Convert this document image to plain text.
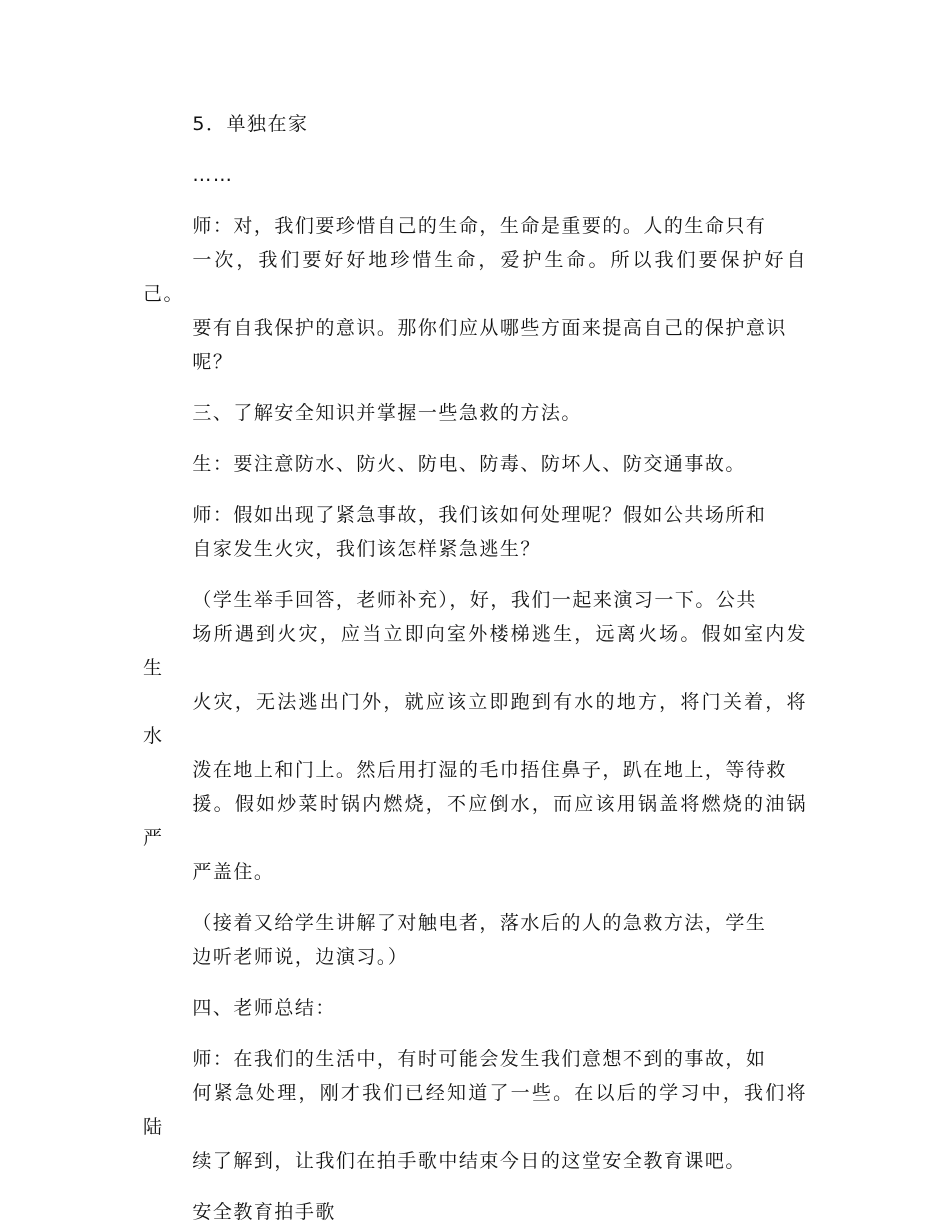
5．单独在家

……

师：对，我们要珍惜自己的生命，生命是重要的。人的生命只有
一次，我们要好好地珍惜生命，爱护生命。所以我们要保护好自己。
要有自我保护的意识。那你们应从哪些方面来提高自己的保护意识
呢？

三、了解安全知识并掌握一些急救的方法。

生：要注意防水、防火、防电、防毒、防坏人、防交通事故。

师：假如出现了紧急事故，我们该如何处理呢？假如公共场所和
自家发生火灾，我们该怎样紧急逃生？

（学生举手回答，老师补充），好，我们一起来演习一下。公共
场所遇到火灾，应当立即向室外楼梯逃生，远离火场。假如室内发生
火灾，无法逃出门外，就应该立即跑到有水的地方，将门关着，将水
泼在地上和门上。然后用打湿的毛巾捂住鼻子，趴在地上，等待救
援。假如炒菜时锅内燃烧，不应倒水，而应该用锅盖将燃烧的油锅严
严盖住。

（接着又给学生讲解了对触电者，落水后的人的急救方法，学生
边听老师说，边演习。）

四、老师总结：

师：在我们的生活中，有时可能会发生我们意想不到的事故，如
何紧急处理，刚才我们已经知道了一些。在以后的学习中，我们将陆
续了解到，让我们在拍手歌中结束今日的这堂安全教育课吧。

安全教育拍手歌
